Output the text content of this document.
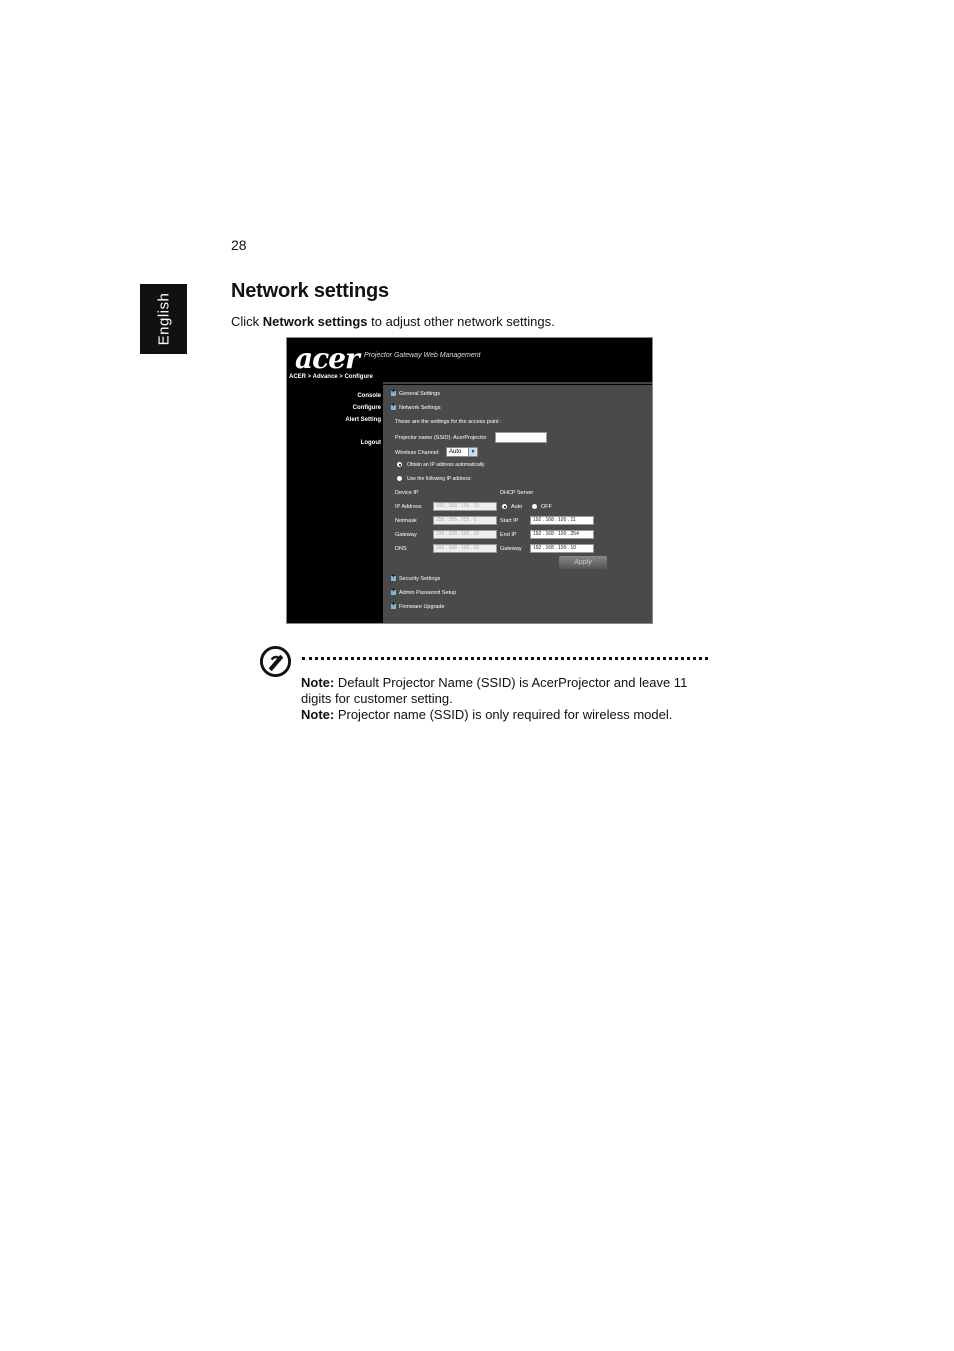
28
English
Network settings
Click Network settings to adjust other network settings.
acer Projector Gateway Web Management
ACER > Advance > Configure
Console
Configure
Alert Setting
Logout
+
General Settings
+
Network Settings
These are the settings for the access point :
Projector name (SSID): AcerProjector
Wireless Channel:	Auto	▼
Obtain an IP address automatically
Use the following IP address:
Device IP	DHCP Server
IP Address	192 . 168 . 100 . 10	Auto	OFF
Netmask	255 . 255 . 255 . 0	Start IP	192 . 168 . 100 . 11
Gateway	192 . 168 . 100 . 10	End IP	192 . 168 . 100 . 254
DNS	192 . 168 . 100 . 10	Gateway	192 . 168 . 100 . 10
Apply
+
Security Settings
+
Admin Password Setup
+
Firmware Upgrade
Note: Default Projector Name (SSID) is AcerProjector and leave 11
digits for customer setting.
Note: Projector name (SSID) is only required for wireless model.
